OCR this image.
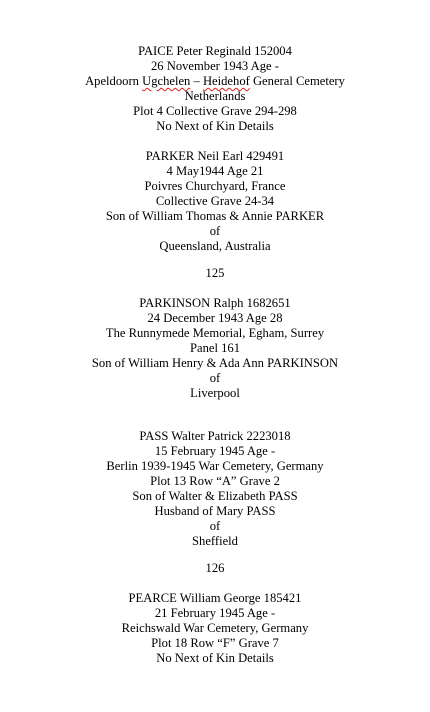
PAICE Peter Reginald 152004
26 November 1943 Age -
Apeldoorn Ugchelen – Heidehof General Cemetery
Netherlands
Plot 4 Collective Grave 294-298
No Next of Kin Details
PARKER Neil Earl 429491
4 May1944 Age 21
Poivres Churchyard, France
Collective Grave 24-34
Son of William Thomas & Annie PARKER
of
Queensland, Australia
125
PARKINSON Ralph 1682651
24 December 1943 Age 28
The Runnymede Memorial, Egham, Surrey
Panel 161
Son of William Henry & Ada Ann PARKINSON
of
Liverpool
PASS Walter Patrick 2223018
15 February 1945 Age -
Berlin 1939-1945 War Cemetery, Germany
Plot 13 Row “A” Grave 2
Son of Walter & Elizabeth PASS
Husband of Mary PASS
of
Sheffield
126
PEARCE William George 185421
21 February 1945 Age -
Reichswald War Cemetery, Germany
Plot 18 Row “F” Grave 7
No Next of Kin Details
